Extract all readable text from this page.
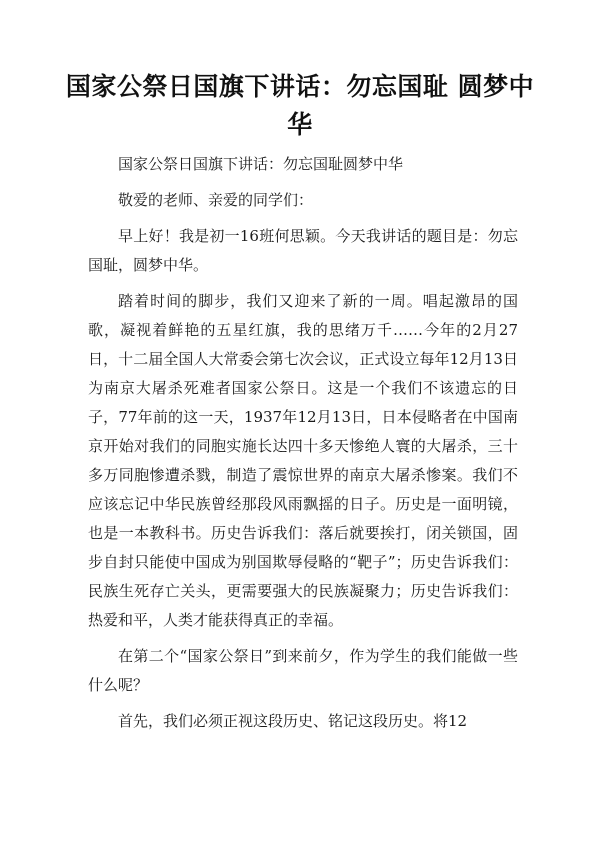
国家公祭日国旗下讲话：勿忘国耻 圆梦中华

国家公祭日国旗下讲话：勿忘国耻圆梦中华

敬爱的老师、亲爱的同学们：

早上好！我是初一16班何思颖。今天我讲话的题目是：勿忘国耻，圆梦中华。

踏着时间的脚步，我们又迎来了新的一周。唱起激昂的国歌，凝视着鲜艳的五星红旗，我的思绪万千……今年的2月27日，十二届全国人大常委会第七次会议，正式设立每年12月13日为南京大屠杀死难者国家公祭日。这是一个我们不该遗忘的日子，77年前的这一天，1937年12月13日，日本侵略者在中国南京开始对我们的同胞实施长达四十多天惨绝人寰的大屠杀，三十多万同胞惨遭杀戮，制造了震惊世界的南京大屠杀惨案。我们不应该忘记中华民族曾经那段风雨飘摇的日子。历史是一面明镜，也是一本教科书。历史告诉我们：落后就要挨打，闭关锁国，固步自封只能使中国成为别国欺辱侵略的“靶子”；历史告诉我们：民族生死存亡关头，更需要强大的民族凝聚力；历史告诉我们：热爱和平，人类才能获得真正的幸福。

在第二个“国家公祭日”到来前夕，作为学生的我们能做一些什么呢？

首先，我们必须正视这段历史、铭记这段历史。将12
